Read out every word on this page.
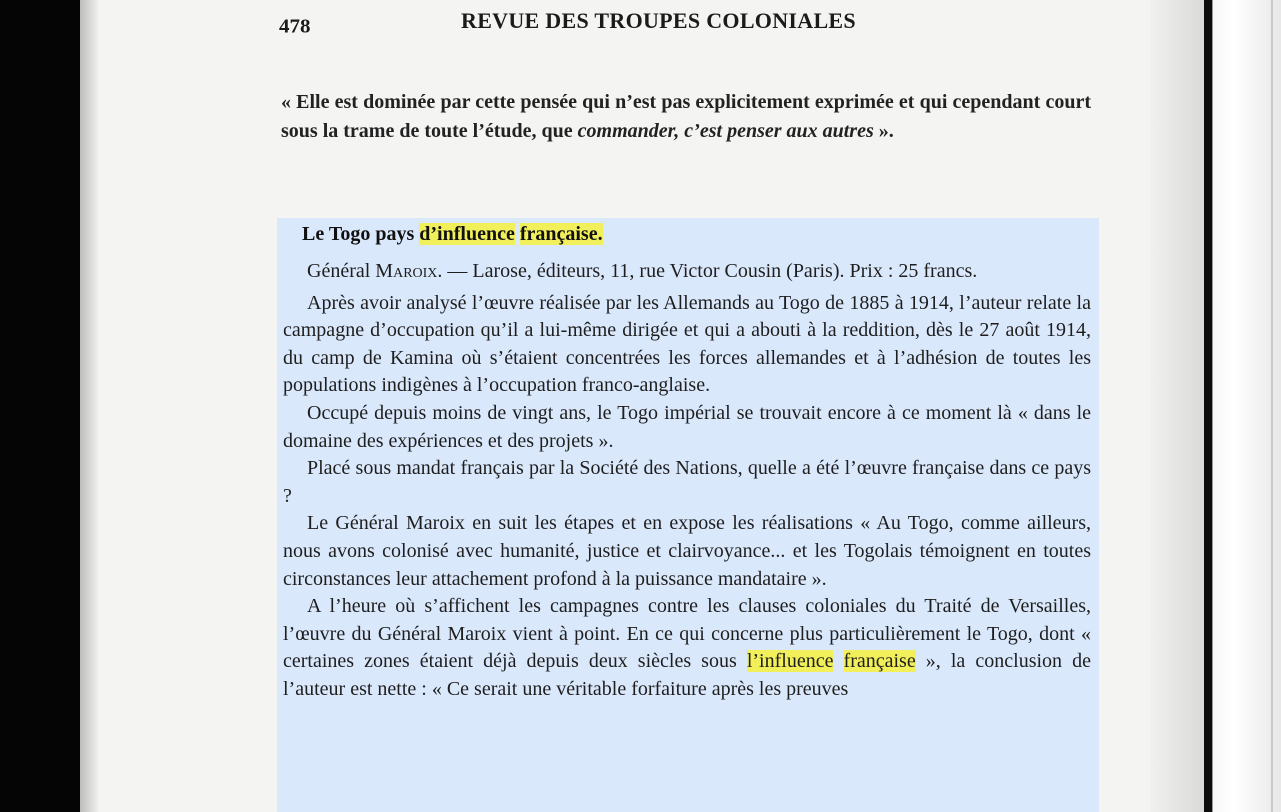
478	REVUE DES TROUPES COLONIALES
« Elle est dominée par cette pensée qui n’est pas explicitement exprimée et qui cependant court sous la trame de toute l’étude, que commander, c’est penser aux autres ».
Le Togo pays d’influence française.

Général Maroix. — Larose, éditeurs, 11, rue Victor Cousin (Paris). Prix : 25 francs.

Après avoir analysé l’œuvre réalisée par les Allemands au Togo de 1885 à 1914, l’auteur relate la campagne d’occupation qu’il a lui-même dirigée et qui a abouti à la reddition, dès le 27 août 1914, du camp de Kamina où s’étaient concentrées les forces allemandes et à l’adhésion de toutes les populations indigènes à l’occupation franco-anglaise.

Occupé depuis moins de vingt ans, le Togo impérial se trouvait encore à ce moment là « dans le domaine des expériences et des projets ».

Placé sous mandat français par la Société des Nations, quelle a été l’œuvre française dans ce pays ?

Le Général Maroix en suit les étapes et en expose les réalisations « Au Togo, comme ailleurs, nous avons colonisé avec humanité, justice et clairvoyance... et les Togolais témoignent en toutes circonstances leur attachement profond à la puissance mandataire ».

A l’heure où s’affichent les campagnes contre les clauses coloniales du Traité de Versailles, l’œuvre du Général Maroix vient à point. En ce qui concerne plus particulièrement le Togo, dont « certaines zones étaient déjà depuis deux siècles sous l’influence française », la conclusion de l’auteur est nette : « Ce serait une véritable forfaiture après les preuves
